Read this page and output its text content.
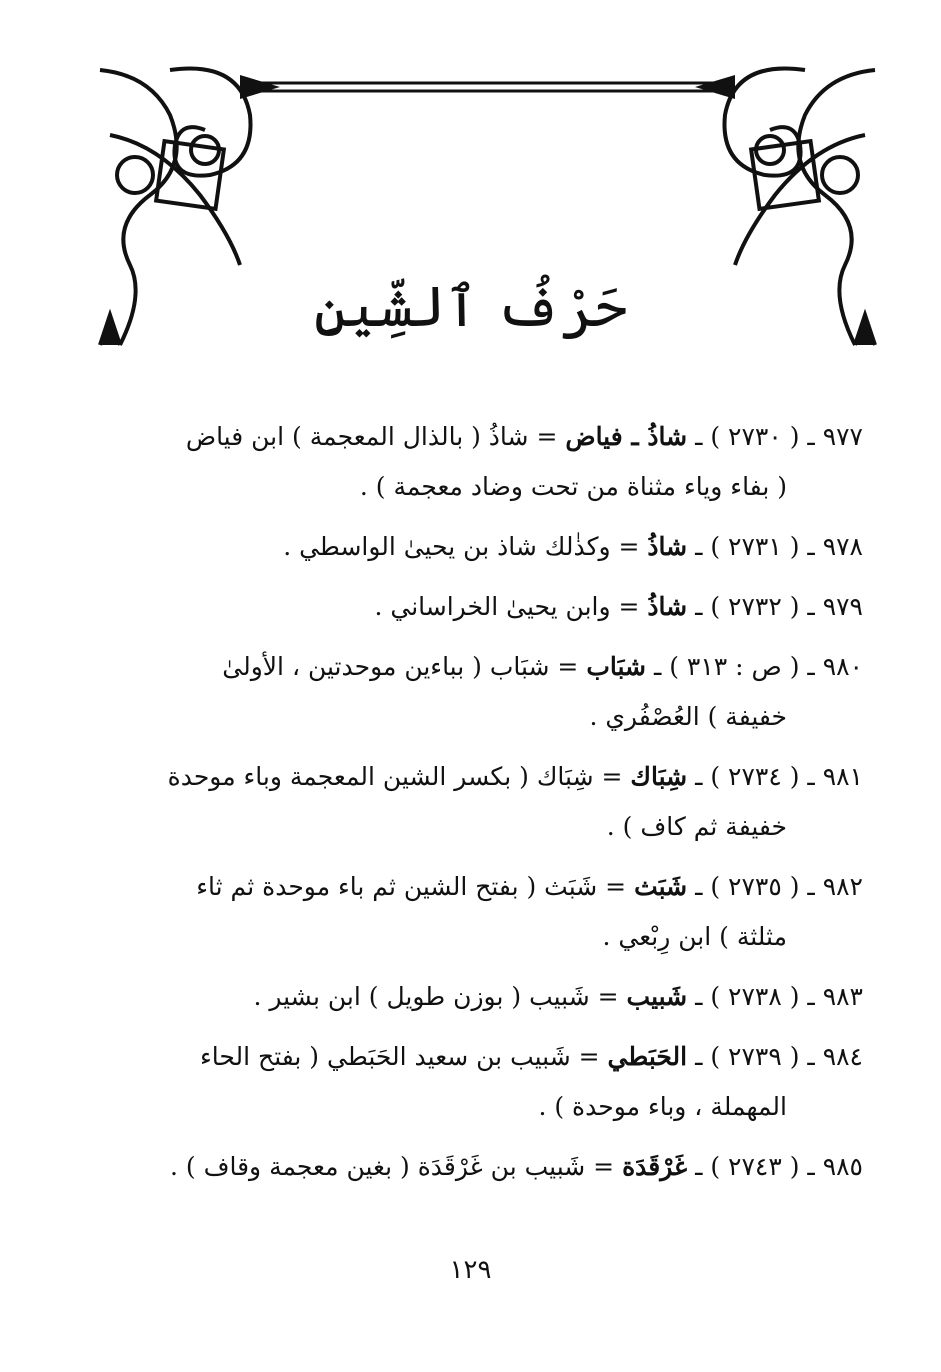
حَرْفُ ٱلشِّينِ
٩٧٧ ـ ( ٢٧٣٠ ) ـ شاذُ ـ فياض = شاذُ ( بالذال المعجمة ) ابن فياض
( بفاء وياء مثناة من تحت وضاد معجمة ) .
٩٧٨ ـ ( ٢٧٣١ ) ـ شاذُ = وكذٰلك شاذ بن يحيىٰ الواسطي .
٩٧٩ ـ ( ٢٧٣٢ ) ـ شاذُ = وابن يحيىٰ الخراساني .
٩٨٠ ـ ( ص : ٣١٣ ) ـ شبَاب = شبَاب ( بباءين موحدتين ، الأولىٰ
خفيفة ) العُصْفُري .
٩٨١ ـ ( ٢٧٣٤ ) ـ شِبَاك = شِبَاك ( بكسر الشين المعجمة وباء موحدة
خفيفة ثم كاف ) .
٩٨٢ ـ ( ٢٧٣٥ ) ـ شَبَث = شَبَث ( بفتح الشين ثم باء موحدة ثم ثاء
مثلثة ) ابن رِبْعي .
٩٨٣ ـ ( ٢٧٣٨ ) ـ شَبيب = شَبيب ( بوزن طويل ) ابن بشير .
٩٨٤ ـ ( ٢٧٣٩ ) ـ الحَبَطي = شَبيب بن سعيد الحَبَطي ( بفتح الحاء
المهملة ، وباء موحدة ) .
٩٨٥ ـ ( ٢٧٤٣ ) ـ غَرْقَدَة = شَبيب بن غَرْقَدَة ( بغين معجمة وقاف ) .
١٢٩
